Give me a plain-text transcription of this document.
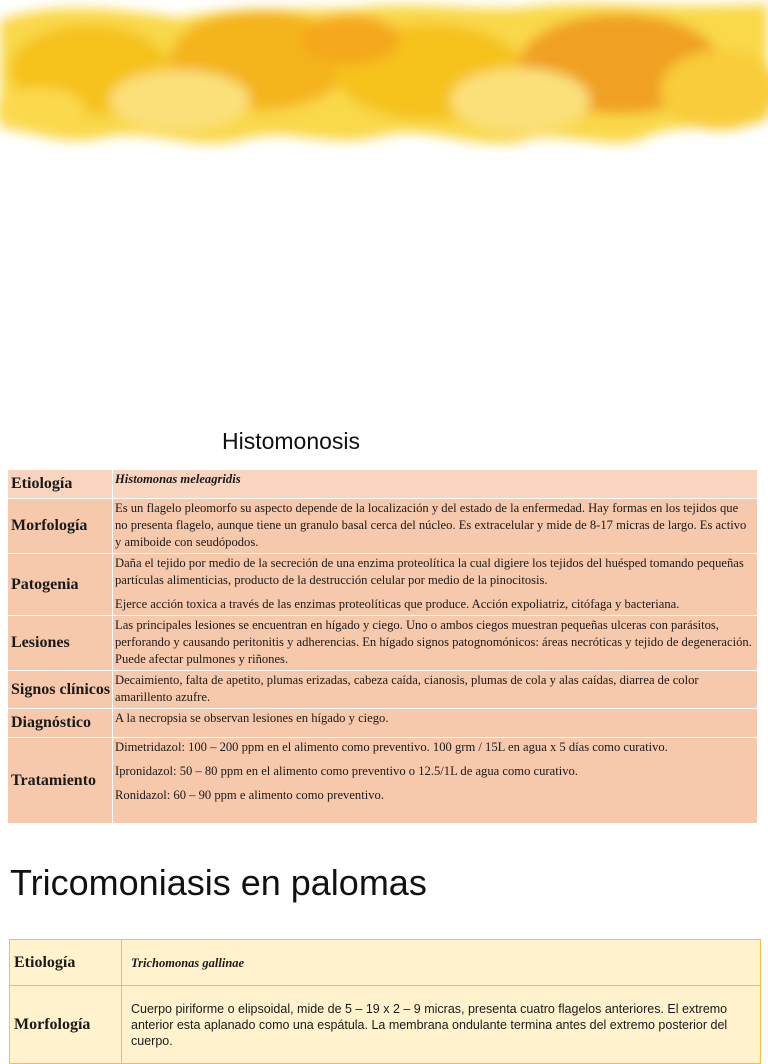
Histomonosis
Etiología	Histomonas meleagridis

Morfología	Es un flagelo pleomorfo su aspecto depende de la localización y del estado de la enfermedad. Hay formas en los tejidos que no presenta flagelo, aunque tiene un granulo basal cerca del núcleo. Es extracelular y mide de 8-17 micras de largo. Es activo y amiboide con seudópodos.

Patogenia	Daña el tejido por medio de la secreción de una enzima proteolítica la cual digiere los tejidos del huésped tomando pequeñas partículas alimenticias, producto de la destrucción celular por medio de la pinocitosis.

Ejerce acción toxica a través de las enzimas proteolíticas que produce. Acción expoliatriz, citófaga y bacteriana.

Lesiones	Las principales lesiones se encuentran en hígado y ciego. Uno o ambos ciegos muestran pequeñas ulceras con parásitos, perforando y causando peritonitis y adherencias. En hígado signos patognomónicos: áreas necróticas y tejido de degeneración. Puede afectar pulmones y riñones.

Signos clínicos	Decaimiento, falta de apetito, plumas erizadas, cabeza caída, cianosis, plumas de cola y alas caídas, diarrea de color amarillento azufre.

Diagnóstico	A la necropsia se observan lesiones en hígado y ciego.

Tratamiento	Dimetridazol: 100 – 200 ppm en el alimento como preventivo. 100 grm / 15L en agua x 5 días como curativo.

Ipronidazol: 50 – 80 ppm en el alimento como preventivo o 12.5/1L de agua como curativo.

Ronidazol: 60 – 90 ppm e alimento como preventivo.

Tricomoniasis en palomas
Etiología	Trichomonas gallinae

Morfología	Cuerpo piriforme o elipsoidal, mide de 5 – 19 x 2 – 9 micras, presenta cuatro flagelos anteriores. El extremo anterior esta aplanado como una espátula. La membrana ondulante termina antes del extremo posterior del cuerpo.
